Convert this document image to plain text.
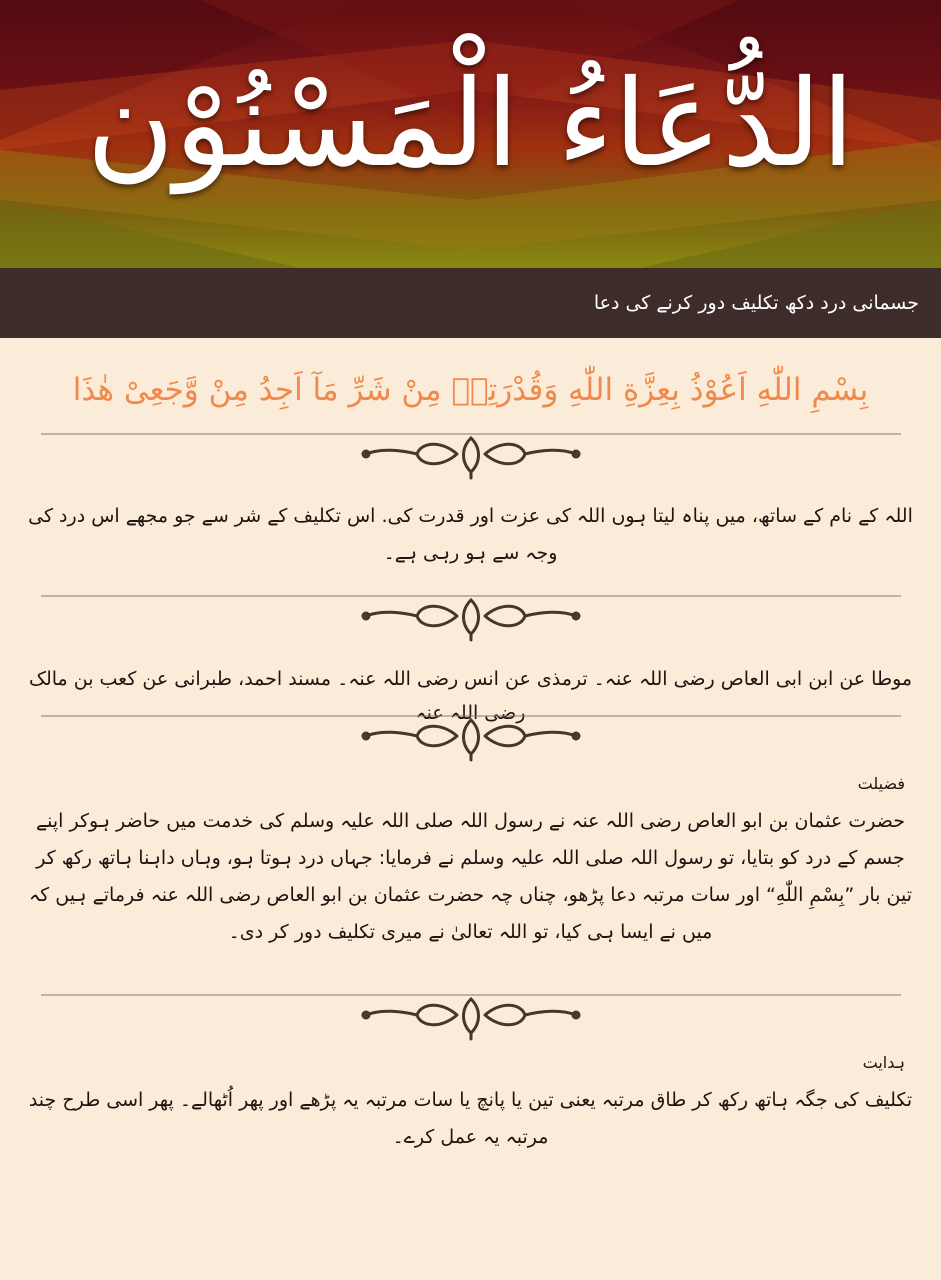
الدُّعَاءُ الْمَسْنُوْن
جسمانی درد دکھ تکلیف دور کرنے کی دعا
بِسْمِ اللّٰهِ اَعُوْذُ بِعِزَّةِ اللّٰهِ وَقُدْرَتِهٖ مِنْ شَرِّ مَآ اَجِدُ مِنْ وَّجَعِیْ هٰذَا
اللہ کے نام کے ساتھ، میں پناہ لیتا ہوں اللہ کی عزت اور قدرت کی. اس تکلیف کے شر سے جو مجھے اس درد کی وجہ سے ہو رہی ہے۔
موطا عن ابن ابی العاص رضی اللہ عنہ۔ ترمذی عن انس رضی اللہ عنہ۔ مسند احمد، طبرانی عن کعب بن مالک رضی اللہ عنہ
فضیلت
حضرت عثمان بن ابو العاص رضی اللہ عنہ نے رسول اللہ صلی اللہ علیہ وسلم کی خدمت میں حاضر ہوکر اپنے جسم کے درد کو بتایا، تو رسول اللہ صلی اللہ علیہ وسلم نے فرمایا: جہاں درد ہوتا ہو، وہاں داہنا ہاتھ رکھ کر تین بار ”بِسْمِ اللّٰهِ“ اور سات مرتبہ دعا پڑھو، چناں چہ حضرت عثمان بن ابو العاص رضی اللہ عنہ فرماتے ہیں کہ میں نے ایسا ہی کیا، تو اللہ تعالیٰ نے میری تکلیف دور کر دی۔
ہدایت
تکلیف کی جگہ ہاتھ رکھ کر طاق مرتبہ یعنی تین یا پانچ یا سات مرتبہ یہ پڑھے اور پھر اُٹھالے۔ پھر اسی طرح چند مرتبہ یہ عمل کرے۔
